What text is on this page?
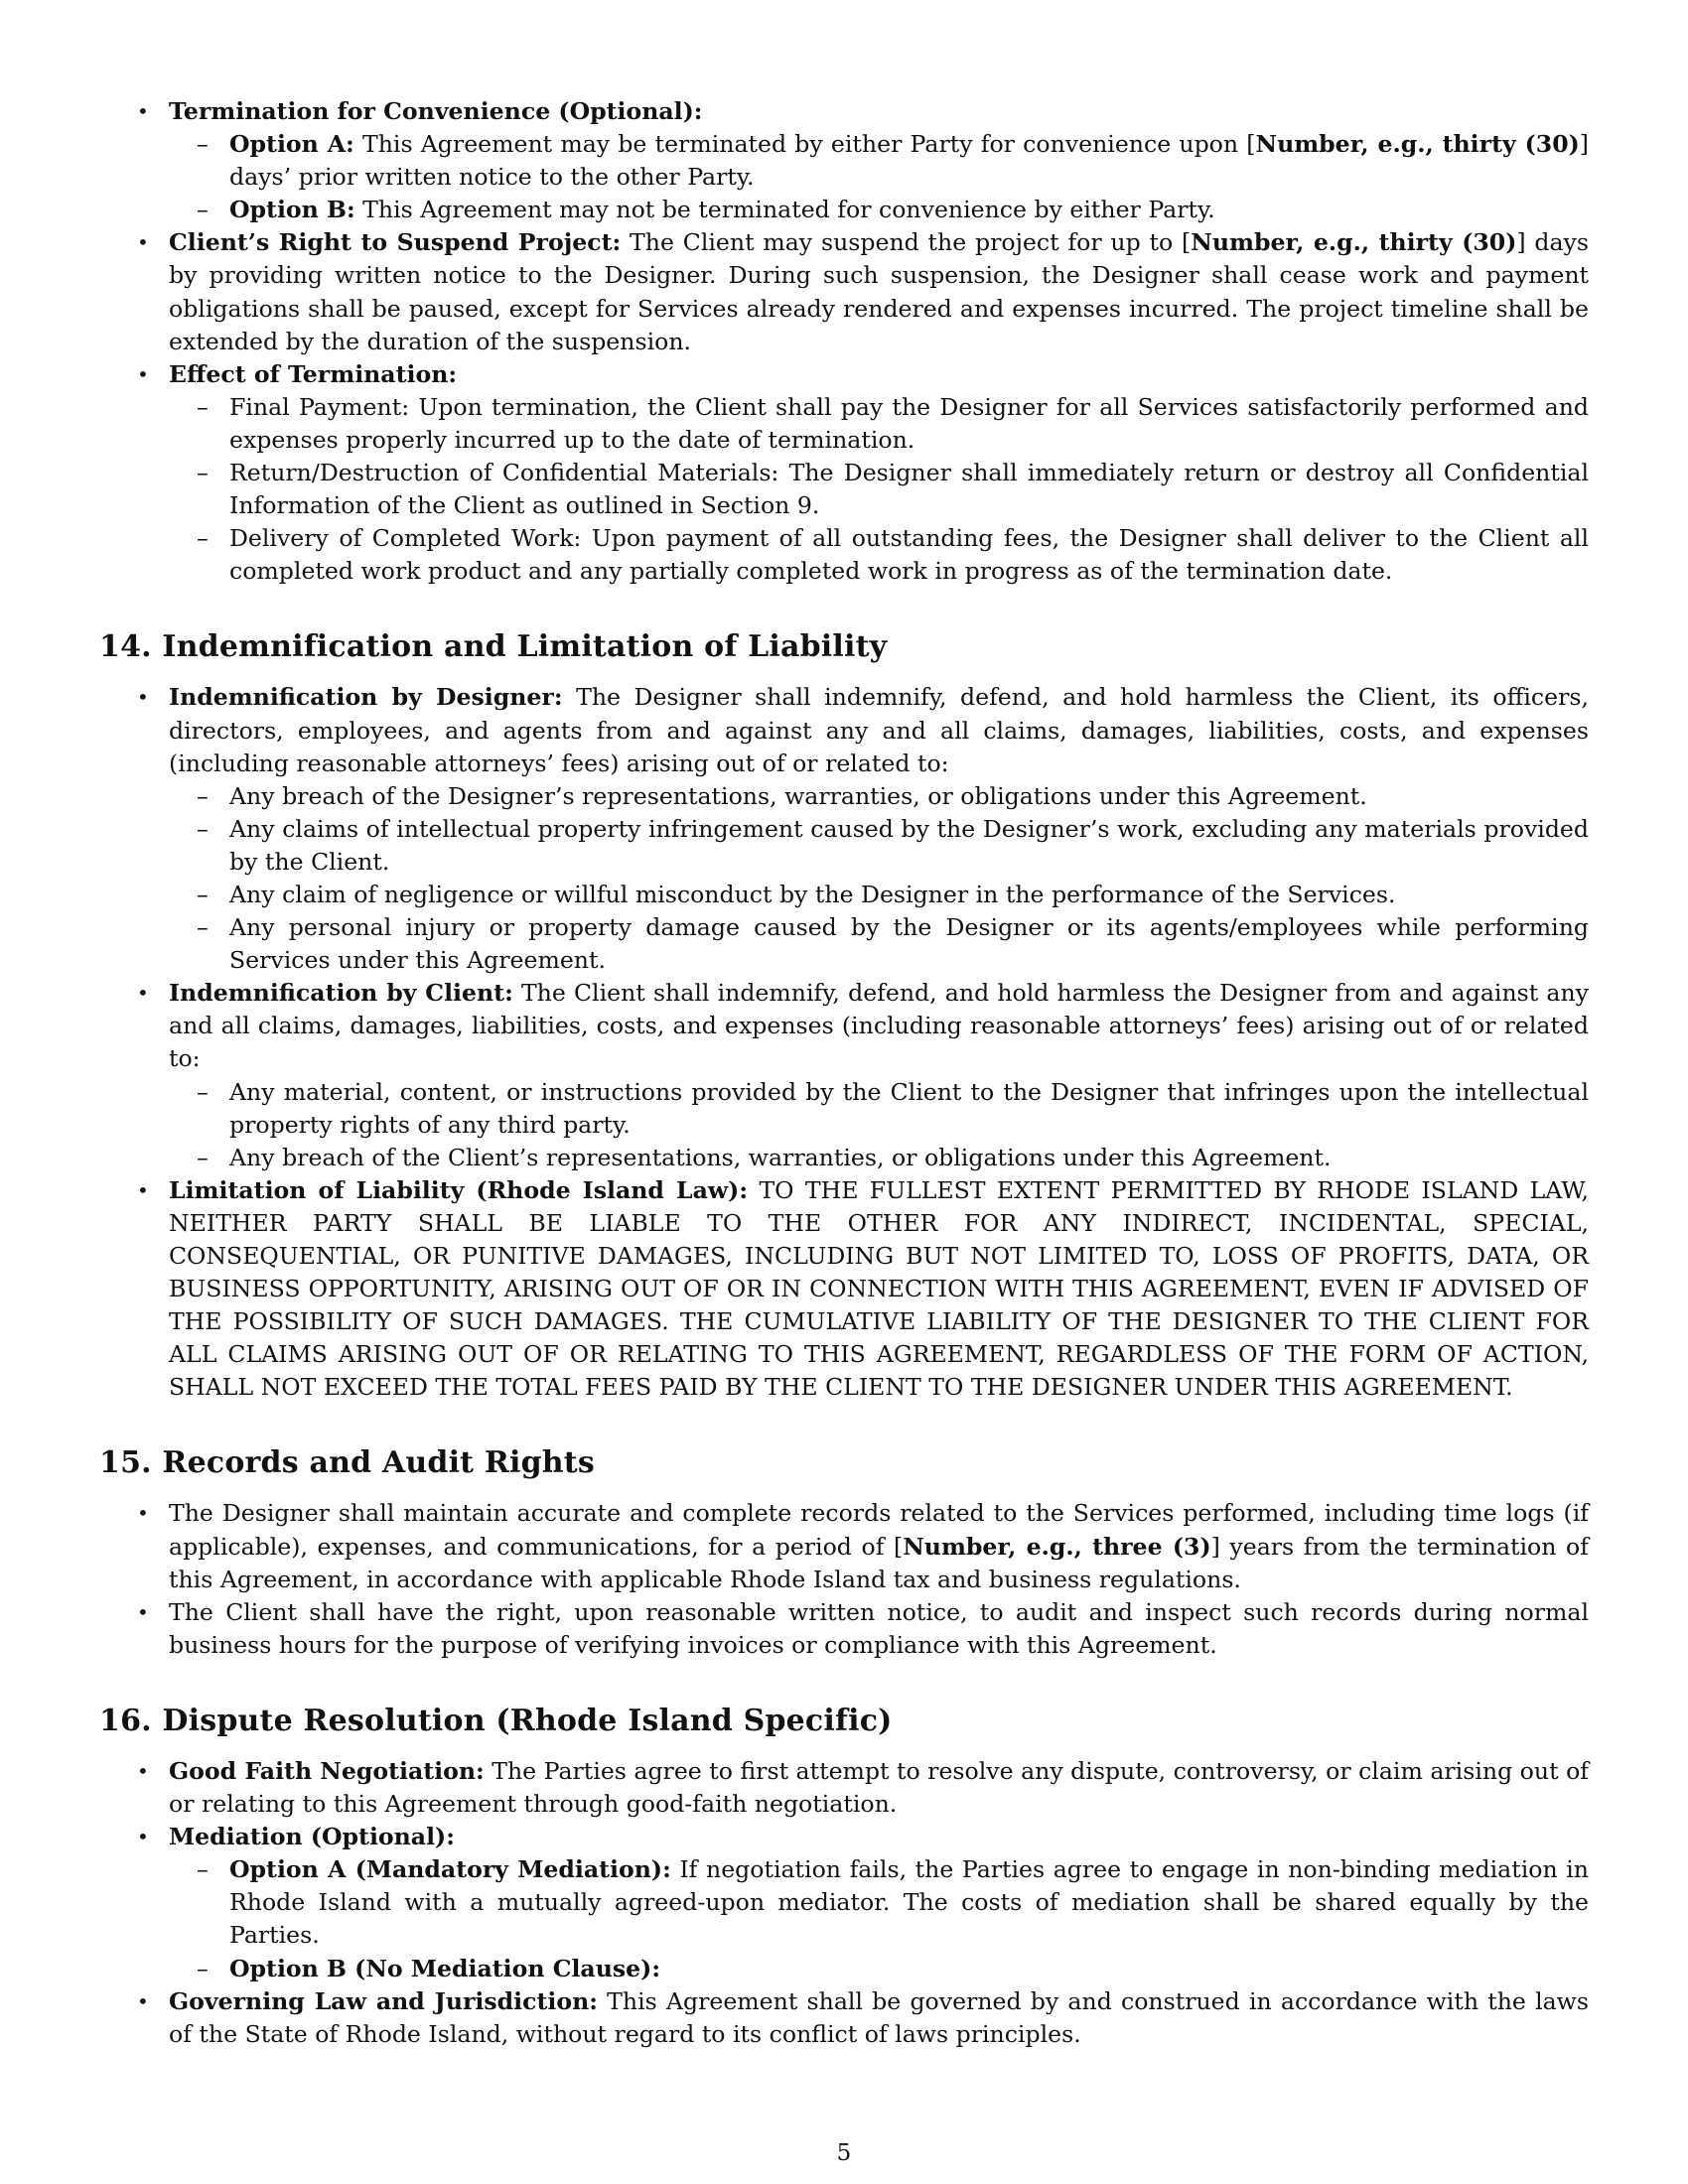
• Termination for Convenience (Optional):
– Option A: This Agreement may be terminated by either Party for convenience upon [Number, e.g., thirty (30)] days’ prior written notice to the other Party.
– Option B: This Agreement may not be terminated for convenience by either Party.
• Client’s Right to Suspend Project: The Client may suspend the project for up to [Number, e.g., thirty (30)] days by providing written notice to the Designer. During such suspension, the Designer shall cease work and payment obligations shall be paused, except for Services already rendered and expenses incurred. The project timeline shall be extended by the duration of the suspension.
• Effect of Termination:
– Final Payment: Upon termination, the Client shall pay the Designer for all Services satisfactorily performed and expenses properly incurred up to the date of termination.
– Return/Destruction of Confidential Materials: The Designer shall immediately return or destroy all Confidential Information of the Client as outlined in Section 9.
– Delivery of Completed Work: Upon payment of all outstanding fees, the Designer shall deliver to the Client all completed work product and any partially completed work in progress as of the termination date.
14. Indemnification and Limitation of Liability
• Indemnification by Designer: The Designer shall indemnify, defend, and hold harmless the Client, its officers, directors, employees, and agents from and against any and all claims, damages, liabilities, costs, and expenses (including reasonable attorneys’ fees) arising out of or related to:
– Any breach of the Designer’s representations, warranties, or obligations under this Agreement.
– Any claims of intellectual property infringement caused by the Designer’s work, excluding any materials provided by the Client.
– Any claim of negligence or willful misconduct by the Designer in the performance of the Services.
– Any personal injury or property damage caused by the Designer or its agents/employees while performing Services under this Agreement.
• Indemnification by Client: The Client shall indemnify, defend, and hold harmless the Designer from and against any and all claims, damages, liabilities, costs, and expenses (including reasonable attorneys’ fees) arising out of or related to:
– Any material, content, or instructions provided by the Client to the Designer that infringes upon the intellectual property rights of any third party.
– Any breach of the Client’s representations, warranties, or obligations under this Agreement.
• Limitation of Liability (Rhode Island Law): TO THE FULLEST EXTENT PERMITTED BY RHODE ISLAND LAW, NEITHER PARTY SHALL BE LIABLE TO THE OTHER FOR ANY INDIRECT, INCIDENTAL, SPECIAL, CONSEQUENTIAL, OR PUNITIVE DAMAGES, INCLUDING BUT NOT LIMITED TO, LOSS OF PROFITS, DATA, OR BUSINESS OPPORTUNITY, ARISING OUT OF OR IN CONNECTION WITH THIS AGREEMENT, EVEN IF ADVISED OF THE POSSIBILITY OF SUCH DAMAGES. THE CUMULATIVE LIABILITY OF THE DESIGNER TO THE CLIENT FOR ALL CLAIMS ARISING OUT OF OR RELATING TO THIS AGREEMENT, REGARDLESS OF THE FORM OF ACTION, SHALL NOT EXCEED THE TOTAL FEES PAID BY THE CLIENT TO THE DESIGNER UNDER THIS AGREEMENT.
15. Records and Audit Rights
• The Designer shall maintain accurate and complete records related to the Services performed, including time logs (if applicable), expenses, and communications, for a period of [Number, e.g., three (3)] years from the termination of this Agreement, in accordance with applicable Rhode Island tax and business regulations.
• The Client shall have the right, upon reasonable written notice, to audit and inspect such records during normal business hours for the purpose of verifying invoices or compliance with this Agreement.
16. Dispute Resolution (Rhode Island Specific)
• Good Faith Negotiation: The Parties agree to first attempt to resolve any dispute, controversy, or claim arising out of or relating to this Agreement through good-faith negotiation.
• Mediation (Optional):
– Option A (Mandatory Mediation): If negotiation fails, the Parties agree to engage in non-binding mediation in Rhode Island with a mutually agreed-upon mediator. The costs of mediation shall be shared equally by the Parties.
– Option B (No Mediation Clause):
• Governing Law and Jurisdiction: This Agreement shall be governed by and construed in accordance with the laws of the State of Rhode Island, without regard to its conflict of laws principles.
5
